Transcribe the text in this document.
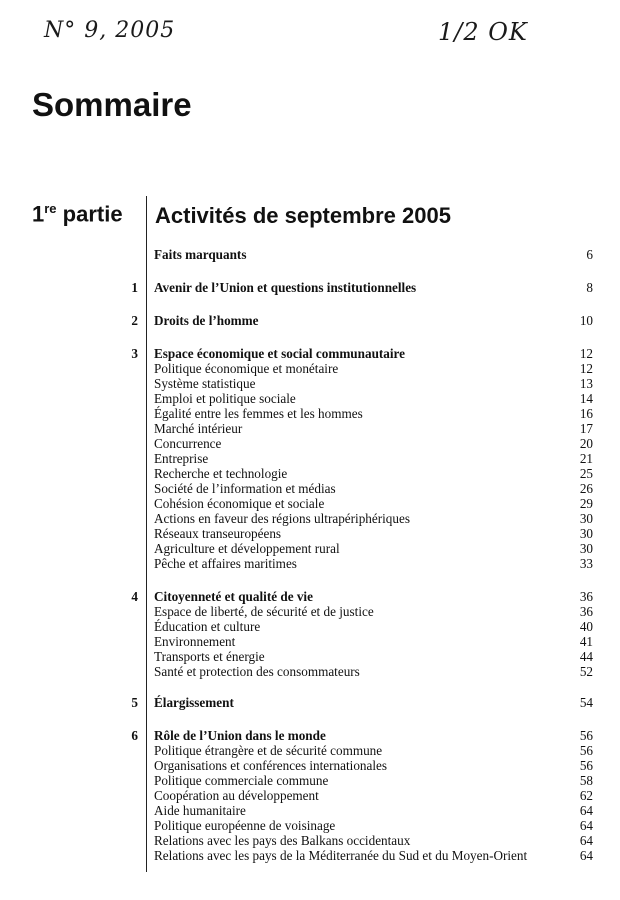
N° 9, 2005	1/2 OK
Sommaire
1re partie Activités de septembre 2005
Faits marquants	6
1 Avenir de l’Union et questions institutionnelles	8
2 Droits de l’homme	10
3 Espace économique et social communautaire	12
Politique économique et monétaire	12
Système statistique	13
Emploi et politique sociale	14
Égalité entre les femmes et les hommes	16
Marché intérieur	17
Concurrence	20
Entreprise	21
Recherche et technologie	25
Société de l’information et médias	26
Cohésion économique et sociale	29
Actions en faveur des régions ultrapériphériques	30
Réseaux transeuropéens	30
Agriculture et développement rural	30
Pêche et affaires maritimes	33
4 Citoyenneté et qualité de vie	36
Espace de liberté, de sécurité et de justice	36
Éducation et culture	40
Environnement	41
Transports et énergie	44
Santé et protection des consommateurs	52
5 Élargissement	54
6 Rôle de l’Union dans le monde	56
Politique étrangère et de sécurité commune	56
Organisations et conférences internationales	56
Politique commerciale commune	58
Coopération au développement	62
Aide humanitaire	64
Politique européenne de voisinage	64
Relations avec les pays des Balkans occidentaux	64
Relations avec les pays de la Méditerranée du Sud et du Moyen-Orient	64
